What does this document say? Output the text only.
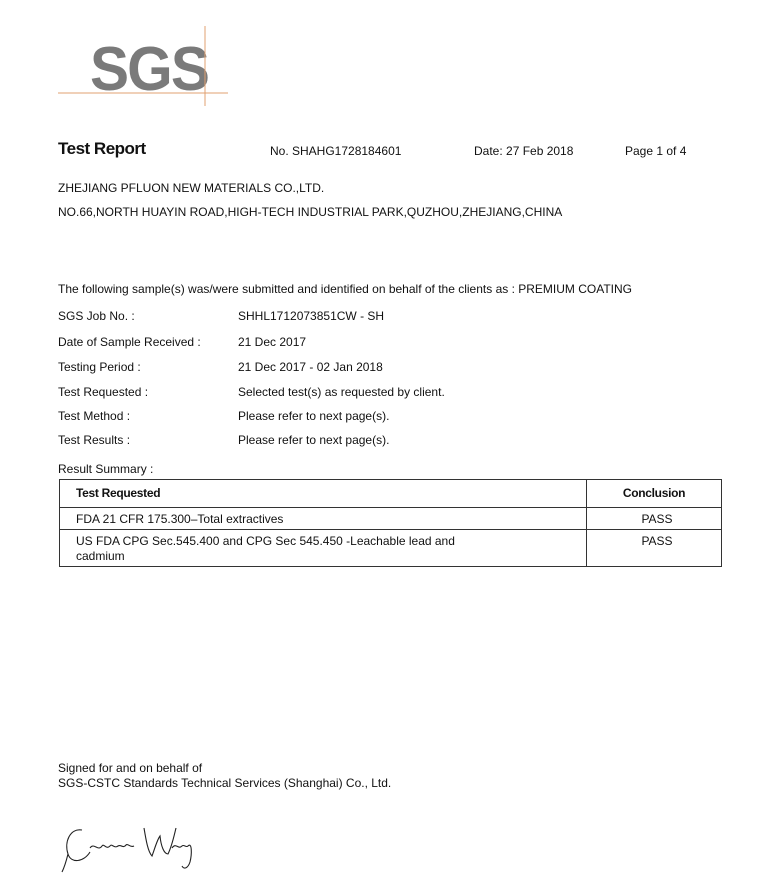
SGS
Test Report	No. SHAHG1728184601	Date: 27 Feb 2018	Page 1 of 4
ZHEJIANG PFLUON NEW MATERIALS CO.,LTD.
NO.66,NORTH HUAYIN ROAD,HIGH-TECH INDUSTRIAL PARK,QUZHOU,ZHEJIANG,CHINA
The following sample(s) was/were submitted and identified on behalf of the clients as : PREMIUM COATING
SGS Job No. :	SHHL1712073851CW - SH
Date of Sample Received :	21 Dec 2017
Testing Period :	21 Dec 2017 - 02 Jan 2018
Test Requested :	Selected test(s) as requested by client.
Test Method :	Please refer to next page(s).
Test Results :	Please refer to next page(s).
Result Summary :
Test Requested	Conclusion
FDA 21 CFR 175.300–Total extractives	PASS
US FDA CPG Sec.545.400 and CPG Sec 545.450 -Leachable lead and cadmium	PASS
Signed for and on behalf of
SGS-CSTC Standards Technical Services (Shanghai) Co., Ltd.
